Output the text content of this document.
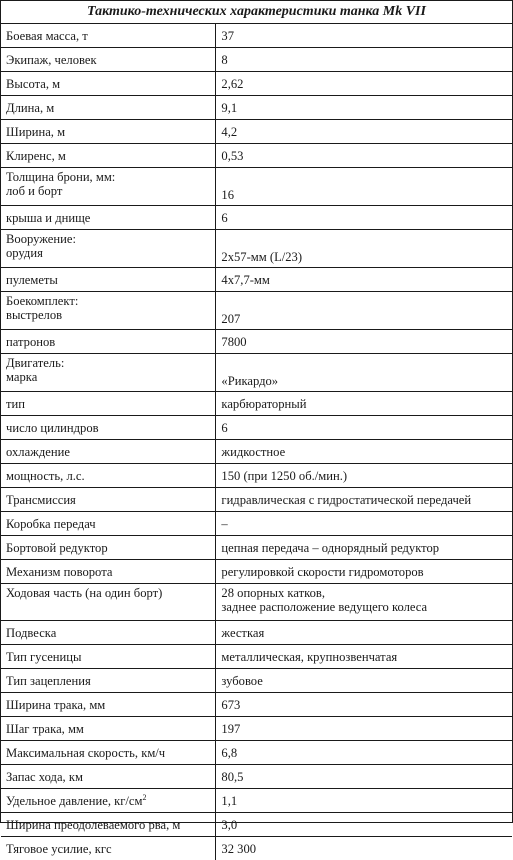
Тактико-технических характеристики танка Mk VII
Боевая масса, т	37
Экипаж, человек	8
Высота, м	2,62
Длина, м	9,1
Ширина, м	4,2
Клиренс, м	0,53
Толщина брони, мм:
лоб и борт	16
крыша и днище	6
Вооружение:
орудия	2x57-мм (L/23)
пулеметы	4x7,7-мм
Боекомплект:
выстрелов	207
патронов	7800
Двигатель:
марка	«Рикардо»
тип	карбюраторный
число цилиндров	6
охлаждение	жидкостное
мощность, л.с.	150 (при 1250 об./мин.)
Трансмиссия	гидравлическая с гидростатической передачей
Коробка передач	–
Бортовой редуктор	цепная передача – однорядный редуктор
Механизм поворота	регулировкой скорости гидромоторов
Ходовая часть (на один борт)	28 опорных катков,
заднее расположение ведущего колеса
Подвеска	жесткая
Тип гусеницы	металлическая, крупнозвенчатая
Тип зацепления	зубовое
Ширина трака, мм	673
Шаг трака, мм	197
Максимальная скорость, км/ч	6,8
Запас хода, км	80,5
Удельное давление, $кг/см^2$	1,1
Ширина преодолеваемого рва, м	3,0
Тяговое усилие, кгс	32 300
